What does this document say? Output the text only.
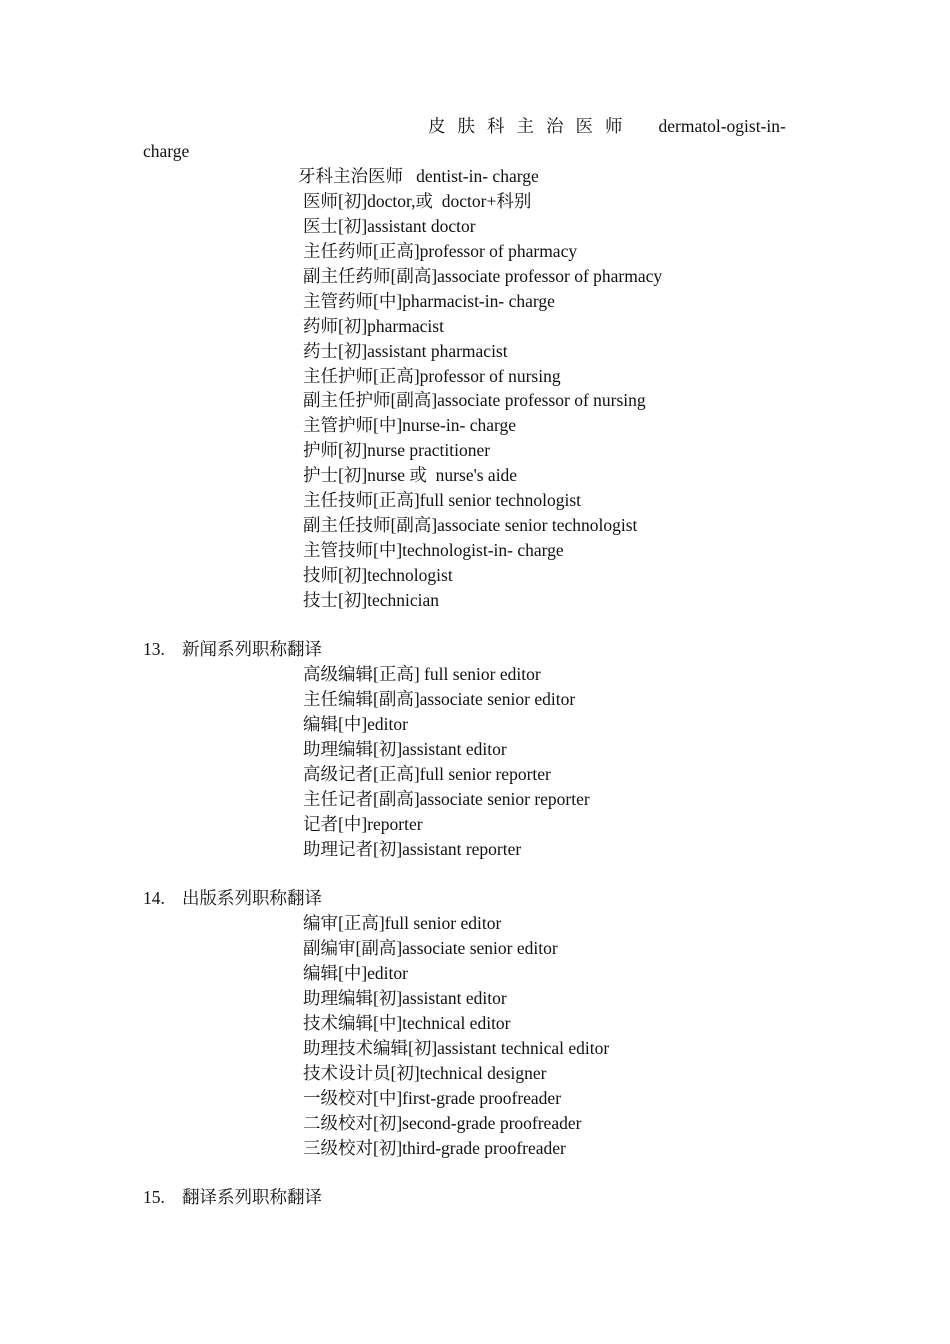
皮肤科主治医师 dermatol-ogist-in-
charge
牙科主治医师   dentist-in- charge
医师[初]doctor,或  doctor+科别
医士[初]assistant doctor
主任药师[正高]professor of pharmacy
副主任药师[副高]associate professor of pharmacy
主管药师[中]pharmacist-in- charge
药师[初]pharmacist
药士[初]assistant pharmacist
主任护师[正高]professor of nursing
副主任护师[副高]associate professor of nursing
主管护师[中]nurse-in- charge
护师[初]nurse practitioner
护士[初]nurse 或  nurse's aide
主任技师[正高]full senior technologist
副主任技师[副高]associate senior technologist
主管技师[中]technologist-in- charge
技师[初]technologist
技士[初]technician
13. 新闻系列职称翻译
高级编辑[正高] full senior editor
主任编辑[副高]associate senior editor
编辑[中]editor
助理编辑[初]assistant editor
高级记者[正高]full senior reporter
主任记者[副高]associate senior reporter
记者[中]reporter
助理记者[初]assistant reporter
14. 出版系列职称翻译
编审[正高]full senior editor
副编审[副高]associate senior editor
编辑[中]editor
助理编辑[初]assistant editor
技术编辑[中]technical editor
助理技术编辑[初]assistant technical editor
技术设计员[初]technical designer
一级校对[中]first-grade proofreader
二级校对[初]second-grade proofreader
三级校对[初]third-grade proofreader
15. 翻译系列职称翻译
